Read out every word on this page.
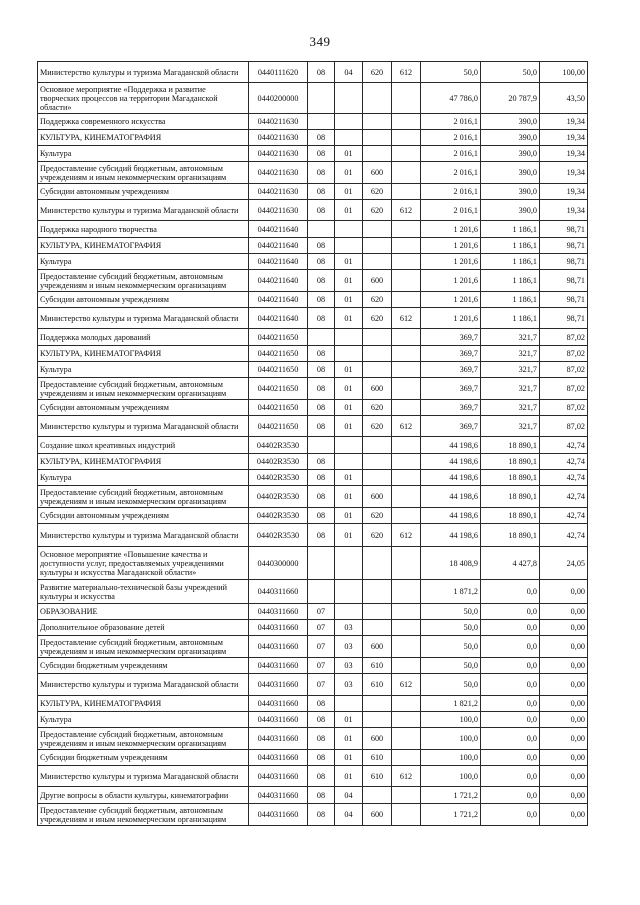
349
Министерство культуры и туризма Магаданской области	0440111620	08	04	620	612	50,0	50,0	100,00
Основное мероприятие «Поддержка и развитие творческих процессов на территории Магаданской области»	0440200000					47 786,0	20 787,9	43,50
Поддержка современного искусства	0440211630					2 016,1	390,0	19,34
КУЛЬТУРА, КИНЕМАТОГРАФИЯ	0440211630	08				2 016,1	390,0	19,34
Культура	0440211630	08	01			2 016,1	390,0	19,34
Предоставление субсидий бюджетным, автономным учреждениям и иным некоммерческим организациям	0440211630	08	01	600		2 016,1	390,0	19,34
Субсидии автономным учреждениям	0440211630	08	01	620		2 016,1	390,0	19,34
Министерство культуры и туризма Магаданской области	0440211630	08	01	620	612	2 016,1	390,0	19,34
Поддержка народного творчества	0440211640					1 201,6	1 186,1	98,71
КУЛЬТУРА, КИНЕМАТОГРАФИЯ	0440211640	08				1 201,6	1 186,1	98,71
Культура	0440211640	08	01			1 201,6	1 186,1	98,71
Предоставление субсидий бюджетным, автономным учреждениям и иным некоммерческим организациям	0440211640	08	01	600		1 201,6	1 186,1	98,71
Субсидии автономным учреждениям	0440211640	08	01	620		1 201,6	1 186,1	98,71
Министерство культуры и туризма Магаданской области	0440211640	08	01	620	612	1 201,6	1 186,1	98,71
Поддержка молодых дарований	0440211650					369,7	321,7	87,02
КУЛЬТУРА, КИНЕМАТОГРАФИЯ	0440211650	08				369,7	321,7	87,02
Культура	0440211650	08	01			369,7	321,7	87,02
Предоставление субсидий бюджетным, автономным учреждениям и иным некоммерческим организациям	0440211650	08	01	600		369,7	321,7	87,02
Субсидии автономным учреждениям	0440211650	08	01	620		369,7	321,7	87,02
Министерство культуры и туризма Магаданской области	0440211650	08	01	620	612	369,7	321,7	87,02
Создание школ креативных индустрий	04402R3530					44 198,6	18 890,1	42,74
КУЛЬТУРА, КИНЕМАТОГРАФИЯ	04402R3530	08				44 198,6	18 890,1	42,74
Культура	04402R3530	08	01			44 198,6	18 890,1	42,74
Предоставление субсидий бюджетным, автономным учреждениям и иным некоммерческим организациям	04402R3530	08	01	600		44 198,6	18 890,1	42,74
Субсидии автономным учреждениям	04402R3530	08	01	620		44 198,6	18 890,1	42,74
Министерство культуры и туризма Магаданской области	04402R3530	08	01	620	612	44 198,6	18 890,1	42,74
Основное мероприятие «Повышение качества и доступности услуг, предоставляемых учреждениями культуры и искусства Магаданской области»	0440300000					18 408,9	4 427,8	24,05
Развитие материально-технической базы учреждений культуры и искусства	0440311660					1 871,2	0,0	0,00
ОБРАЗОВАНИЕ	0440311660	07				50,0	0,0	0,00
Дополнительное образование детей	0440311660	07	03			50,0	0,0	0,00
Предоставление субсидий бюджетным, автономным учреждениям и иным некоммерческим организациям	0440311660	07	03	600		50,0	0,0	0,00
Субсидии бюджетным учреждениям	0440311660	07	03	610		50,0	0,0	0,00
Министерство культуры и туризма Магаданской области	0440311660	07	03	610	612	50,0	0,0	0,00
КУЛЬТУРА, КИНЕМАТОГРАФИЯ	0440311660	08				1 821,2	0,0	0,00
Культура	0440311660	08	01			100,0	0,0	0,00
Предоставление субсидий бюджетным, автономным учреждениям и иным некоммерческим организациям	0440311660	08	01	600		100,0	0,0	0,00
Субсидии бюджетным учреждениям	0440311660	08	01	610		100,0	0,0	0,00
Министерство культуры и туризма Магаданской области	0440311660	08	01	610	612	100,0	0,0	0,00
Другие вопросы в области культуры, кинематографии	0440311660	08	04			1 721,2	0,0	0,00
Предоставление субсидий бюджетным, автономным учреждениям и иным некоммерческим организациям	0440311660	08	04	600		1 721,2	0,0	0,00
